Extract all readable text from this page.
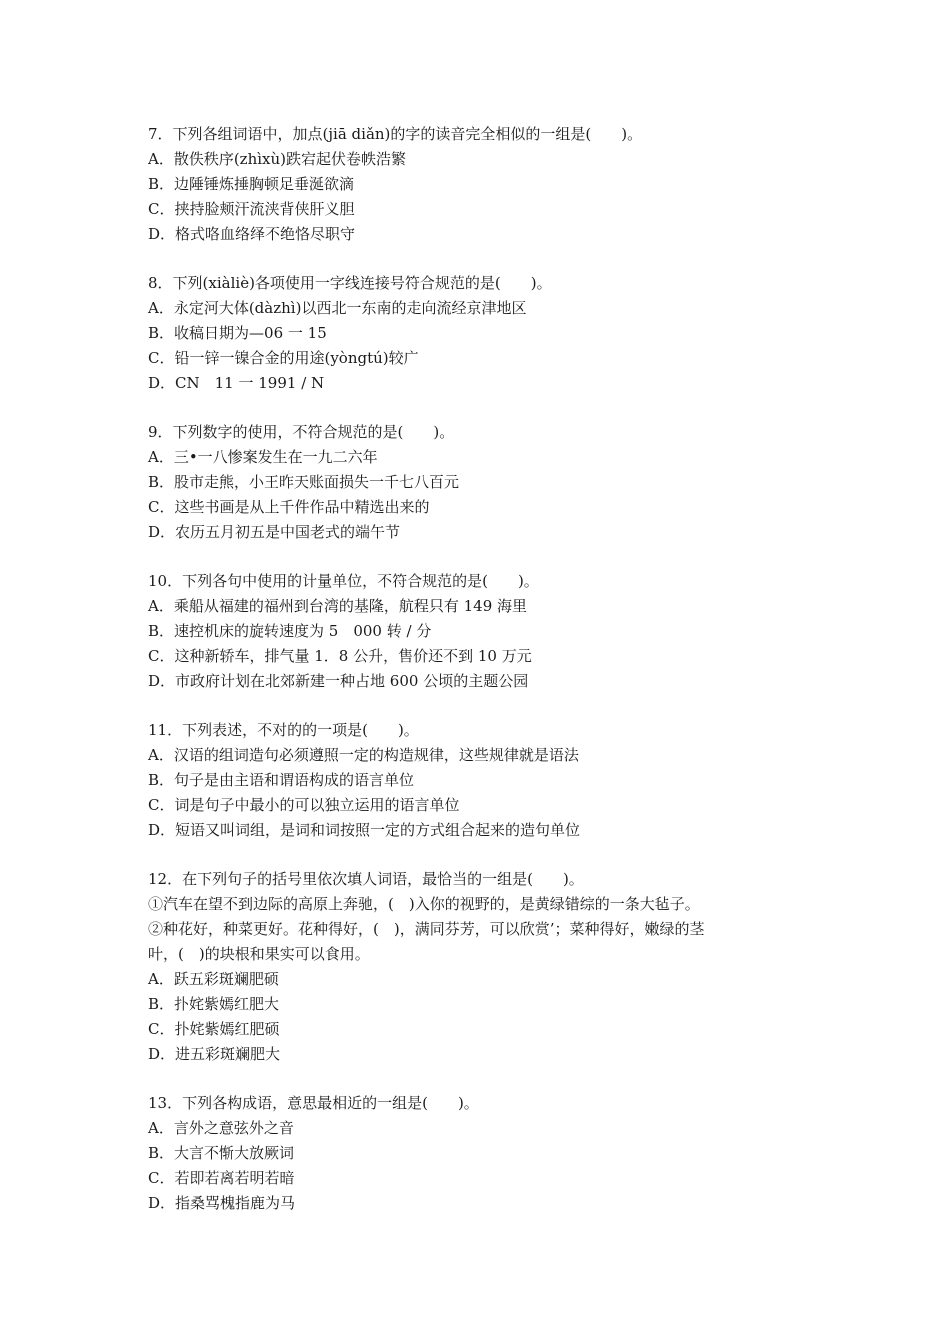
7．下列各组词语中，加点(jiā diǎn)的字的读音完全相似的一组是(　　)。
A．散佚秩序(zhìxù)跌宕起伏卷帙浩繁
B．边陲锤炼捶胸顿足垂涎欲滴
C．挟持脸颊汗流浃背侠肝义胆
D．格式咯血络绎不绝恪尽职守
8．下列(xiàliè)各项使用一字线连接号符合规范的是(　　)。
A．永定河大体(dàzhì)以西北一东南的走向流经京津地区
B．收稿日期为—06 一 15
C．铅一锌一镍合金的用途(yòngtú)较广
D．CN　11 一 1991 / N
9．下列数字的使用，不符合规范的是(　　)。
A．三•一八惨案发生在一九二六年
B．股市走熊，小王昨天账面损失一千七八百元
C．这些书画是从上千件作品中精选出来的
D．农历五月初五是中国老式的端午节
10．下列各句中使用的计量单位，不符合规范的是(　　)。
A．乘船从福建的福州到台湾的基隆，航程只有 149 海里
B．速控机床的旋转速度为 5　000 转 / 分
C．这种新轿车，排气量 1．8 公升，售价还不到 10 万元
D．市政府计划在北郊新建一种占地 600 公顷的主题公园
11．下列表述，不对的的一项是(　　)。
A．汉语的组词造句必须遵照一定的构造规律，这些规律就是语法
B．句子是由主语和谓语构成的语言单位
C．词是句子中最小的可以独立运用的语言单位
D．短语又叫词组，是词和词按照一定的方式组合起来的造句单位
12．在下列句子的括号里依次填人词语，最恰当的一组是(　　)。
①汽车在望不到边际的高原上奔驰，(　)入你的视野的，是黄绿错综的一条大毡子。
②种花好，种菜更好。花种得好，(　)，满同芬芳，可以欣赏’；菜种得好，嫩绿的茎
叶，(　)的块根和果实可以食用。
A．跃五彩斑斓肥硕
B．扑姹紫嫣红肥大
C．扑姹紫嫣红肥硕
D．进五彩斑斓肥大
13．下列各构成语，意思最相近的一组是(　　)。
A．言外之意弦外之音
B．大言不惭大放厥词
C．若即若离若明若暗
D．指桑骂槐指鹿为马
